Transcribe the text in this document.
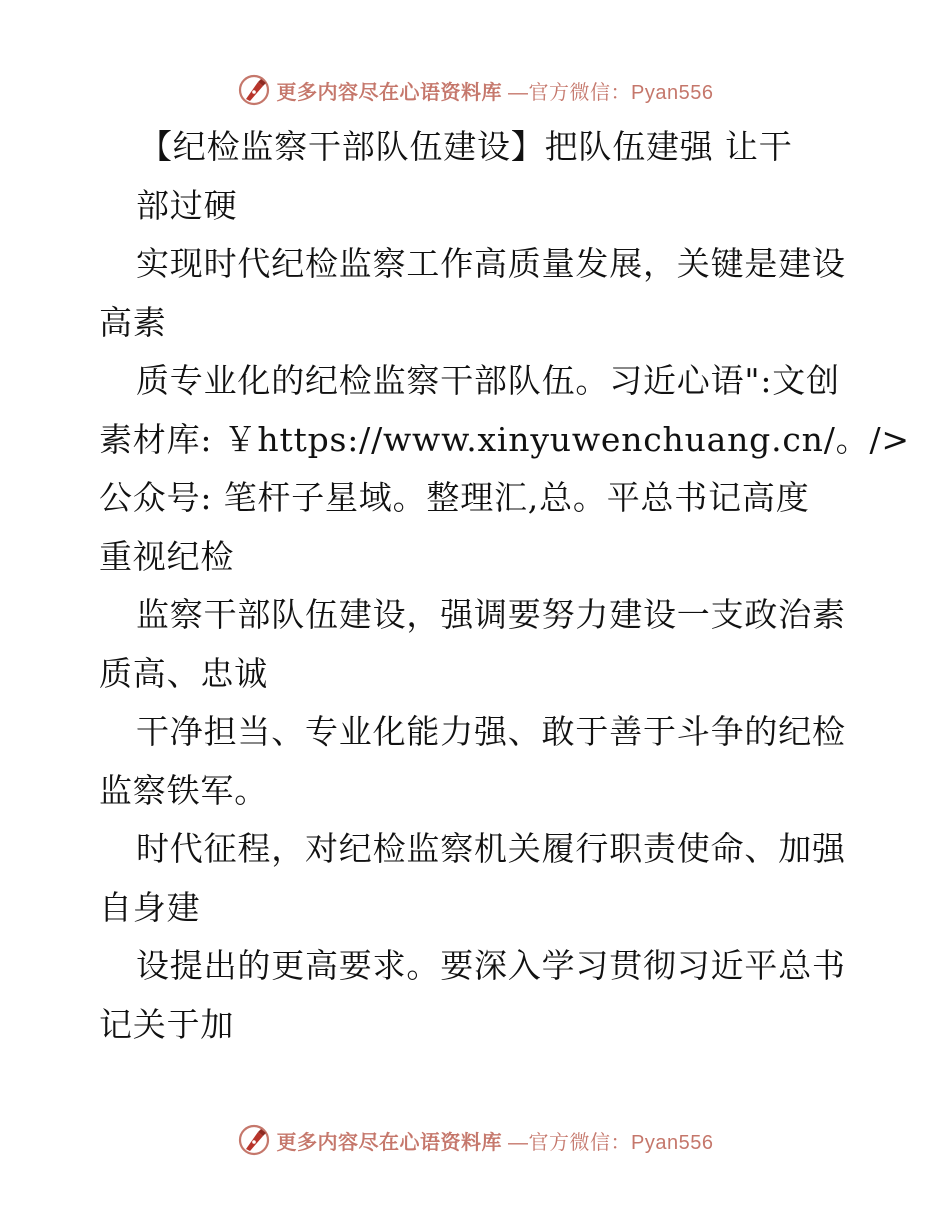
更多内容尽在心语资料库 —官方微信：Pyan556
【纪检监察干部队伍建设】把队伍建强 让干
部过硬
实现时代纪检监察工作高质量发展，关键是建设
高素
质专业化的纪检监察干部队伍。习近心语":文创
素材库: ￥https://www.xinyuwenchuang.cn/。/>
公众号: 笔杆子星域。整理汇,总。平总书记高度
重视纪检
监察干部队伍建设，强调要努力建设一支政治素
质高、忠诚
干净担当、专业化能力强、敢于善于斗争的纪检
监察铁军。
时代征程，对纪检监察机关履行职责使命、加强
自身建
设提出的更高要求。要深入学习贯彻习近平总书
记关于加
更多内容尽在心语资料库 —官方微信：Pyan556
